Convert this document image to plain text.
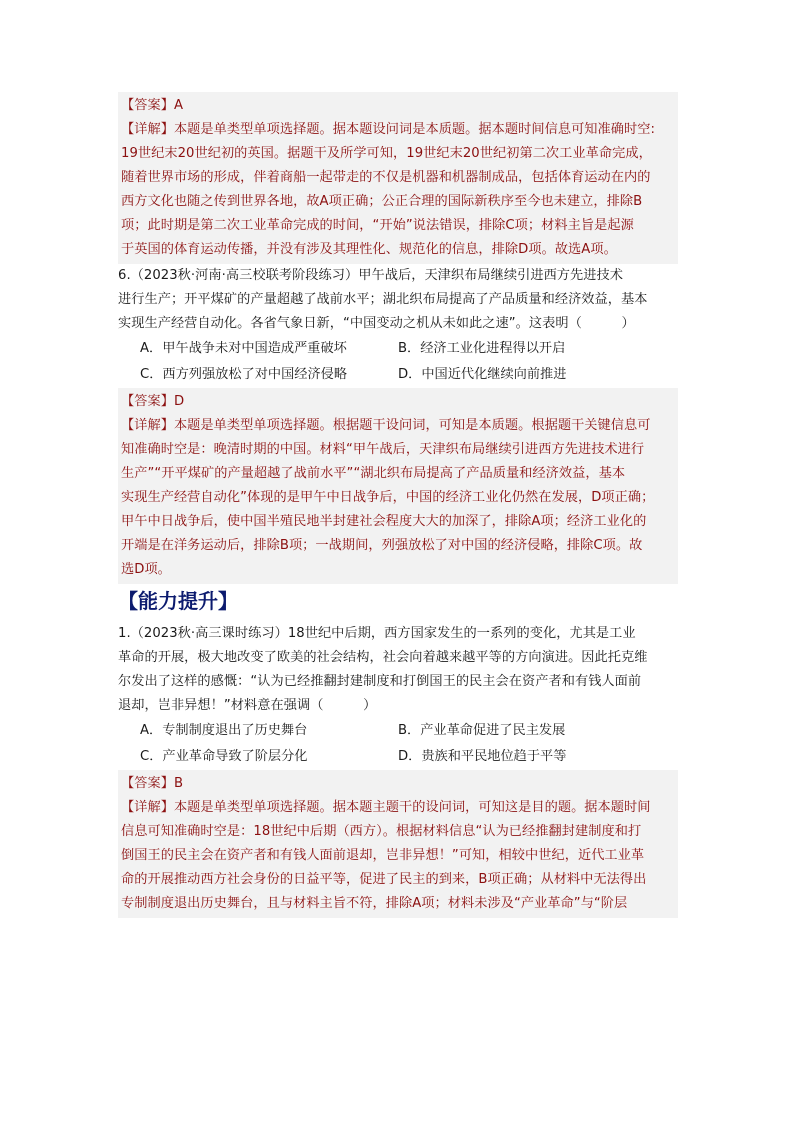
【答案】A
【详解】本题是单类型单项选择题。据本题设问词是本质题。据本题时间信息可知准确时空:
19世纪末20世纪初的英国。据题干及所学可知，19世纪末20世纪初第二次工业革命完成，
随着世界市场的形成，伴着商船一起带走的不仅是机器和机器制成品，包括体育运动在内的
西方文化也随之传到世界各地，故A项正确；公正合理的国际新秩序至今也未建立，排除B
项；此时期是第二次工业革命完成的时间，“开始”说法错误，排除C项；材料主旨是起源
于英国的体育运动传播，并没有涉及其理性化、规范化的信息，排除D项。故选A项。
6.（2023秋·河南·高三校联考阶段练习）甲午战后，天津织布局继续引进西方先进技术
进行生产；开平煤矿的产量超越了战前水平；湖北织布局提高了产品质量和经济效益，基本
实现生产经营自动化。各省气象日新，“中国变动之机从未如此之速”。这表明（　　　）
A．甲午战争未对中国造成严重破坏	B．经济工业化进程得以开启
C．西方列强放松了对中国经济侵略	D．中国近代化继续向前推进
【答案】D
【详解】本题是单类型单项选择题。根据题干设问词，可知是本质题。根据题干关键信息可
知准确时空是：晚清时期的中国。材料“甲午战后，天津织布局继续引进西方先进技术进行
生产”“开平煤矿的产量超越了战前水平”“湖北织布局提高了产品质量和经济效益，基本
实现生产经营自动化”体现的是甲午中日战争后，中国的经济工业化仍然在发展，D项正确；
甲午中日战争后，使中国半殖民地半封建社会程度大大的加深了，排除A项；经济工业化的
开端是在洋务运动后，排除B项；一战期间，列强放松了对中国的经济侵略，排除C项。故
选D项。
【能力提升】
1.（2023秋·高三课时练习）18世纪中后期，西方国家发生的一系列的变化，尤其是工业
革命的开展，极大地改变了欧美的社会结构，社会向着越来越平等的方向演进。因此托克维
尔发出了这样的感慨：“认为已经推翻封建制度和打倒国王的民主会在资产者和有钱人面前
退却，岂非异想！”材料意在强调（　　　）
A．专制制度退出了历史舞台	B．产业革命促进了民主发展
C．产业革命导致了阶层分化	D．贵族和平民地位趋于平等
【答案】B
【详解】本题是单类型单项选择题。据本题主题干的设问词，可知这是目的题。据本题时间
信息可知准确时空是：18世纪中后期（西方）。根据材料信息“认为已经推翻封建制度和打
倒国王的民主会在资产者和有钱人面前退却，岂非异想！”可知，相较中世纪，近代工业革
命的开展推动西方社会身份的日益平等，促进了民主的到来，B项正确；从材料中无法得出
专制制度退出历史舞台，且与材料主旨不符，排除A项；材料未涉及“产业革命”与“阶层
